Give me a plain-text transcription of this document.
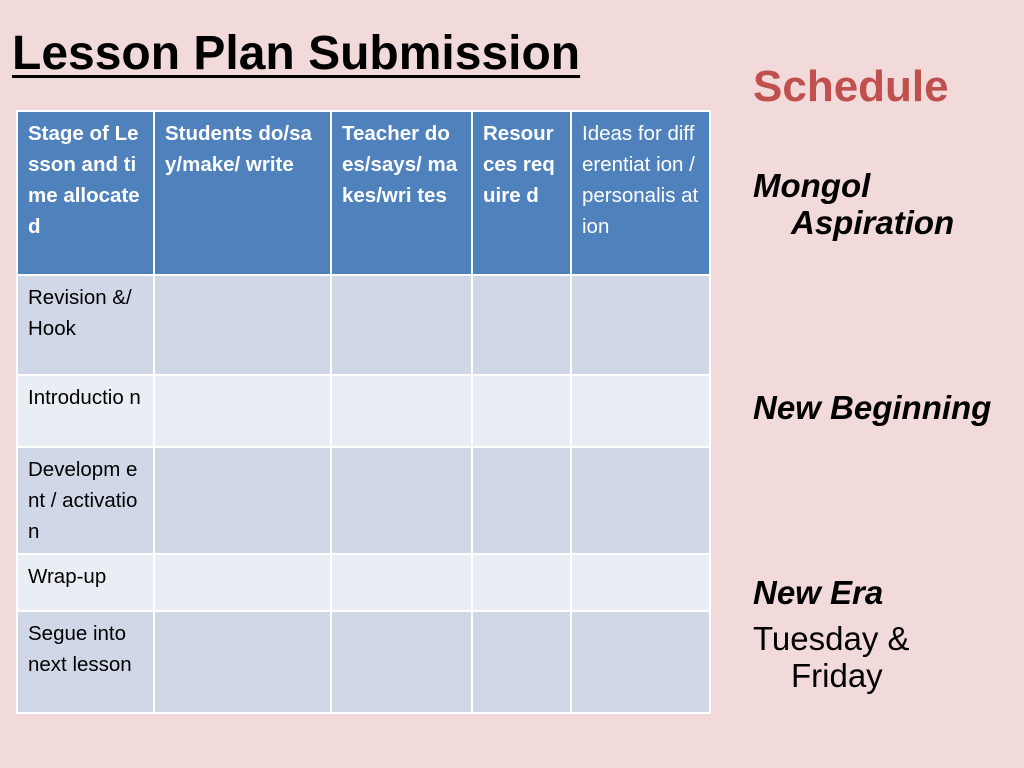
Lesson Plan Submission
Stage of Lesson and time allocated	Students do/say/make/ write	Teacher does/says/ makes/wri tes	Resour ces require d	Ideas for differentiat ion / personalis ation
Revision &/ Hook				
Introductio n				
Developm ent / activation				
Wrap-up				
Segue into next lesson				
Schedule
Mongol
Aspiration
New Beginning
New Era
Tuesday &
Friday
